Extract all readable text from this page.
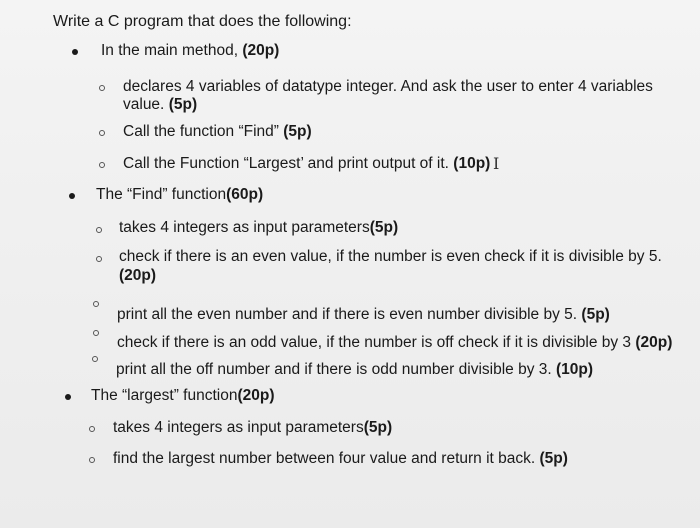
Write a C program that does the following:
In the main method, (20p)
declares 4 variables of datatype integer. And ask the user to enter 4 variables
value. (5p)
Call the function “Find” (5p)
Call the Function “Largest’ and print output of it. (10p) Ⅰ
The “Find” function(60p)
takes 4 integers as input parameters(5p)
check if there is an even value, if the number is even check if it is divisible by 5.
(20p)
print all the even number and if there is even number divisible by 5. (5p)
check if there is an odd value, if the number is off check if it is divisible by 3 (20p)
print all the off number and if there is odd number divisible by 3. (10p)
The “largest” function(20p)
takes 4 integers as input parameters(5p)
find the largest number between four value and return it back. (5p)
